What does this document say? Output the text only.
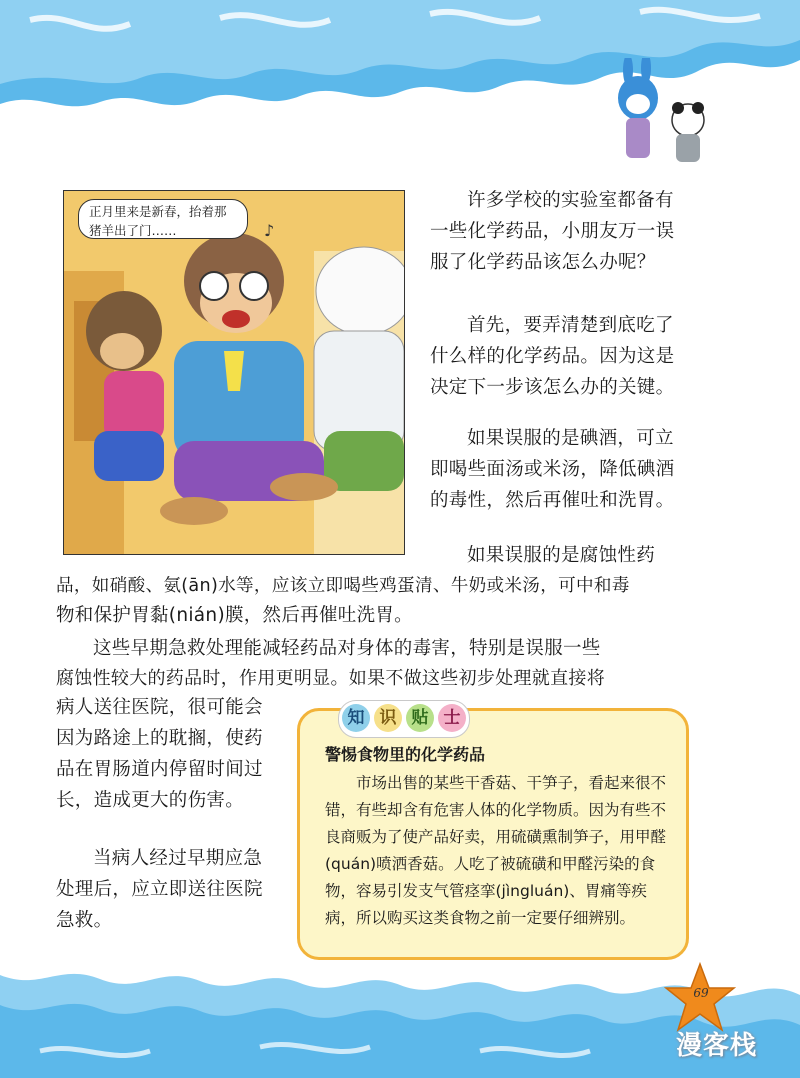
♪
正月里来是新春，抬着那猪羊出了门……

许多学校的实验室都备有一些化学药品，小朋友万一误服了化学药品该怎么办呢？

首先，要弄清楚到底吃了什么样的化学药品。因为这是决定下一步该怎么办的关键。

如果误服的是碘酒，可立即喝些面汤或米汤，降低碘酒的毒性，然后再催吐和洗胃。

如果误服的是腐蚀性药

品，如硝酸、氨(ān)水等，应该立即喝些鸡蛋清、牛奶或米汤，可中和毒

物和保护胃黏(nián)膜，然后再催吐洗胃。

这些早期急救处理能减轻药品对身体的毒害，特别是误服一些

腐蚀性较大的药品时，作用更明显。如果不做这些初步处理就直接将

病人送往医院，很可能会因为路途上的耽搁，使药品在胃肠道内停留时间过长，造成更大的伤害。

当病人经过早期应急处理后，应立即送往医院急救。

知 识 贴 士
警惕食物里的化学药品

市场出售的某些干香菇、干笋子，看起来很不错，有些却含有危害人体的化学物质。因为有些不良商贩为了使产品好卖，用硫磺熏制笋子，用甲醛(quán)喷洒香菇。人吃了被硫磺和甲醛污染的食物，容易引发支气管痉挛(jìngluán)、胃痛等疾病，所以购买这类食物之前一定要仔细辨别。

69
漫客栈
